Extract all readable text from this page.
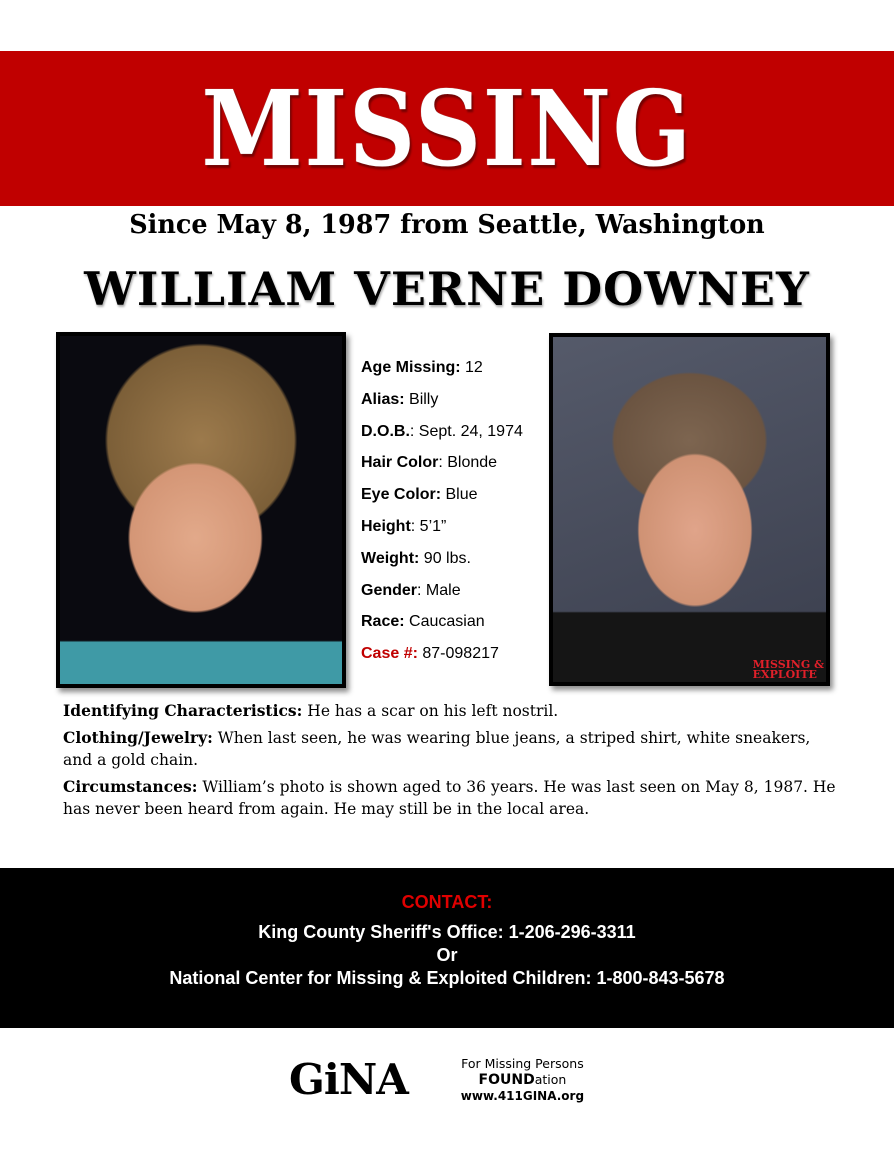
MISSING
Since May 8, 1987 from Seattle, Washington
WILLIAM VERNE DOWNEY
MISSING &
EXPLOITE
Age Missing: 12
Alias: Billy
D.O.B.: Sept. 24, 1974
Hair Color: Blonde
Eye Color: Blue
Height: 5’1”
Weight: 90 lbs.
Gender: Male
Race: Caucasian
Case #: 87-098217

Identifying Characteristics: He has a scar on his left nostril.

Clothing/Jewelry: When last seen, he was wearing blue jeans, a striped shirt, white sneakers, and a gold chain.

Circumstances: William’s photo is shown aged to 36 years. He was last seen on May 8, 1987. He has never been heard from again. He may still be in the local area.

CONTACT:
King County Sheriff's Office: 1-206-296-3311
Or
National Center for Missing & Exploited Children: 1-800-843-5678
GiNA	For Missing Persons FOUNDation
www.411GINA.org
